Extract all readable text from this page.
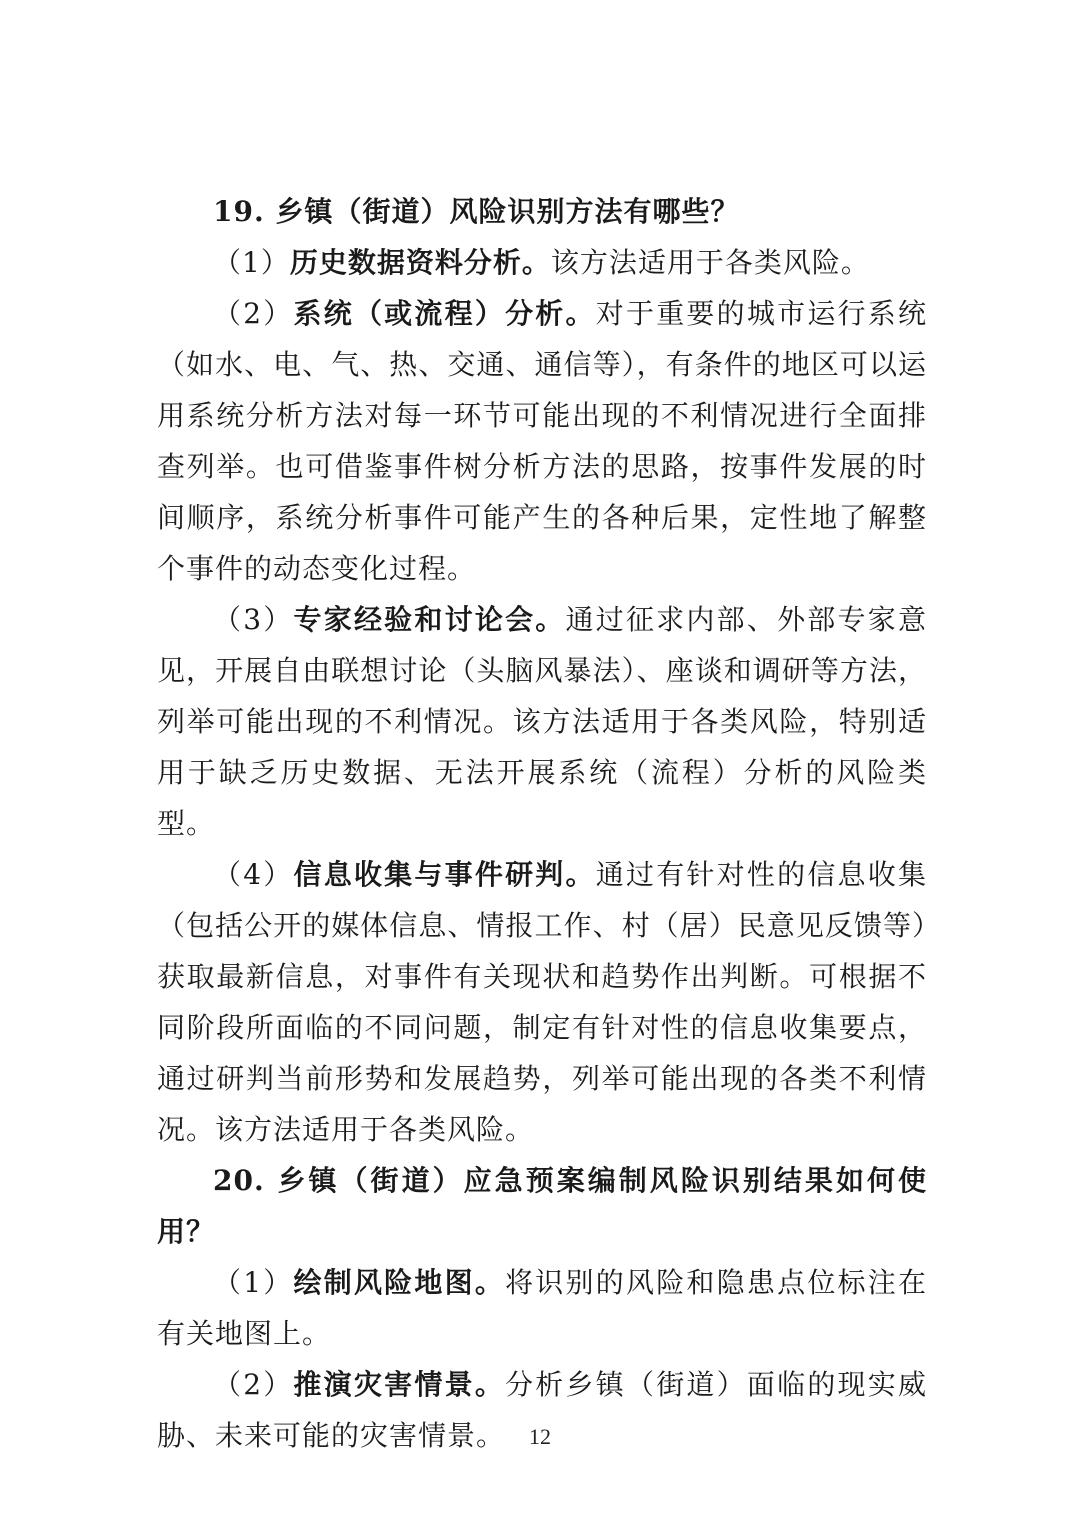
19. 乡镇（街道）风险识别方法有哪些？

（1）历史数据资料分析。该方法适用于各类风险。

（2）系统（或流程）分析。对于重要的城市运行系统（如水、电、气、热、交通、通信等），有条件的地区可以运用系统分析方法对每一环节可能出现的不利情况进行全面排查列举。也可借鉴事件树分析方法的思路，按事件发展的时间顺序，系统分析事件可能产生的各种后果，定性地了解整个事件的动态变化过程。

（3）专家经验和讨论会。通过征求内部、外部专家意见，开展自由联想讨论（头脑风暴法）、座谈和调研等方法，列举可能出现的不利情况。该方法适用于各类风险，特别适用于缺乏历史数据、无法开展系统（流程）分析的风险类型。

（4）信息收集与事件研判。通过有针对性的信息收集（包括公开的媒体信息、情报工作、村（居）民意见反馈等）获取最新信息，对事件有关现状和趋势作出判断。可根据不同阶段所面临的不同问题，制定有针对性的信息收集要点，通过研判当前形势和发展趋势，列举可能出现的各类不利情况。该方法适用于各类风险。

20. 乡镇（街道）应急预案编制风险识别结果如何使用？

（1）绘制风险地图。将识别的风险和隐患点位标注在有关地图上。

（2）推演灾害情景。分析乡镇（街道）面临的现实威胁、未来可能的灾害情景。	12
